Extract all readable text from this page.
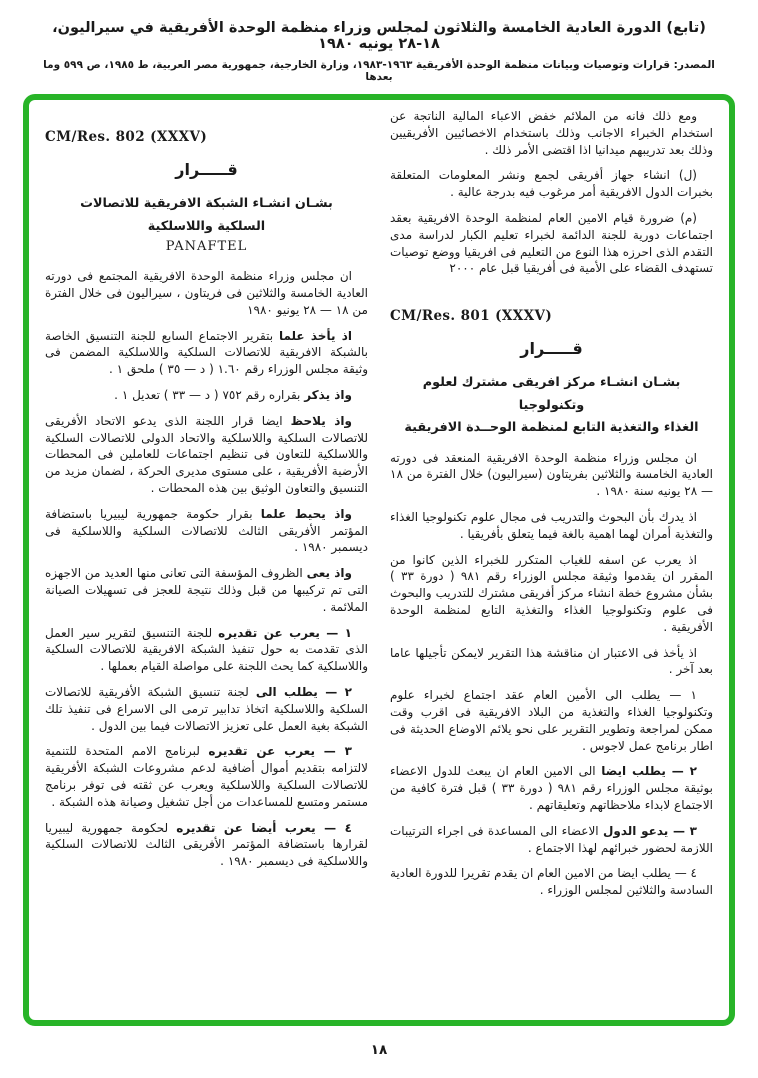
(تابع) الدورة العادية الخامسة والثلاثون لمجلس وزراء منظمة الوحدة الأفريقية في سيراليون، ١٨-٢٨ يونيه ١٩٨٠
المصدر: قرارات وتوصيات وبيانات منظمة الوحدة الأفريقية ١٩٦٣-١٩٨٣، وزارة الخارجية، جمهورية مصر العربية، ط ١٩٨٥، ص ٥٩٩ وما بعدها
CM/Res. 802 (XXXV)
قـــــرار
بشـان انشـاء الشبكة الافريقية للاتصالات
السلكية واللاسلكية
PANAFTEL

ان مجلس وزراء منظمة الوحدة الافريقية المجتمع فى دورته العادية الخامسة والثلاثين فى فريتاون ، سيراليون فى خلال الفترة من ١٨ — ٢٨ يونيو ١٩٨٠

اذ يأخذ علما بتقرير الاجتماع السابع للجنة التنسيق الخاصة بالشبكة الافريقية للاتصالات السلكية واللاسلكية المضمن فى وثيقة مجلس الوزراء رقم ١.٦٠ ( د — ٣٥ ) ملحق ١ .

واذ يذكر بقراره رقم ٧٥٢ ( د — ٣٣ ) تعديل ١ .

واذ يلاحظ ايضا قرار اللجنة الذى يدعو الاتحاد الأفريقى للاتصالات السلكية واللاسلكية والاتحاد الدولى للاتصالات السلكية واللاسلكية للتعاون فى تنظيم اجتماعات للعاملين فى المحطات الأرضية الأفريقية ، على مستوى مديرى الحركة ، لضمان مزيد من التنسيق والتعاون الوثيق بين هذه المحطات .

واذ يحيط علما بقرار حكومة جمهورية ليبيريا باستضافة المؤتمر الأفريقى الثالث للاتصالات السلكية واللاسلكية فى ديسمبر ١٩٨٠ .

واذ يعى الظروف المؤسفة التى تعانى منها العديد من الاجهزه التى تم تركيبها من قبل وذلك نتيجة للعجز فى تسهيلات الصيانة الملائمة .

١ — يعرب عن تقديره للجنة التنسيق لتقرير سير العمل الذى تقدمت به حول تنفيذ الشبكة الافريقية للاتصالات السلكية واللاسلكية كما يحث اللجنة على مواصلة القيام بعملها .

٢ — يطلب الى لجنة تنسيق الشبكة الأفريقية للاتصالات السلكية واللاسلكية اتخاذ تدابير ترمى الى الاسراع فى تنفيذ تلك الشبكة بغية العمل على تعزيز الاتصالات فيما بين الدول .

٣ — يعرب عن تقديره لبرنامج الامم المتحدة للتنمية لالتزامه بتقديم أموال أضافية لدعم مشروعات الشبكة الأفريقية للاتصالات السلكية واللاسلكية ويعرب عن ثقته فى توفر برنامج مستمر ومتسع للمساعدات من أجل تشغيل وصيانة هذه الشبكة .

٤ — يعرب أيضا عن تقديره لحكومة جمهورية ليبيريا لقرارها باستضافة المؤتمر الأفريقى الثالث للاتصالات السلكية واللاسلكية فى ديسمبر ١٩٨٠ .

ومع ذلك فانه من الملائم خفض الاعباء المالية الناتجة عن استخدام الخبراء الاجانب وذلك باستخدام الاخصائيين الأفريقيين وذلك بعد تدريبهم ميدانيا اذا اقتضى الأمر ذلك .

(ل) انشاء جهاز أفريقى لجمع ونشر المعلومات المتعلقة بخبرات الدول الافريقية أمر مرغوب فيه بدرجة عالية .

(م) ضرورة قيام الامين العام لمنظمة الوحدة الافريقية بعقد اجتماعات دورية للجنة الدائمة لخبراء تعليم الكبار لدراسة مدى التقدم الذى احرزه هذا النوع من التعليم فى افريقيا ووضع توصيات تستهدف القضاء على الأمية فى أفريقيا قبل عام ٢٠٠٠

CM/Res. 801 (XXXV)
قـــــرار
بشـان انشـاء مركز افريقى مشترك لعلوم وتكنولوجيا
الغذاء والتغذية التابع لمنظمة الوحــدة الافريقية

ان مجلس وزراء منظمة الوحدة الافريقية المنعقد فى دورته العادية الخامسة والثلاثين بفريتاون (سيراليون) خلال الفترة من ١٨ — ٢٨ يونيه سنة ١٩٨٠ .

اذ يدرك بأن البحوث والتدريب فى مجال علوم تكنولوجيا الغذاء والتغذية أمران لهما اهمية بالغة فيما يتعلق بأفريقيا .

اذ يعرب عن اسفه للغياب المتكرر للخبراء الذين كانوا من المقرر ان يقدموا وثيقة مجلس الوزراء رقم ٩٨١ ( دورة ٣٣ ) بشأن مشروع خطة انشاء مركز أفريقى مشترك للتدريب والبحوث فى علوم وتكنولوجيا الغذاء والتغذية التابع لمنظمة الوحدة الأفريقية .

اذ يأخذ فى الاعتبار ان مناقشة هذا التقرير لايمكن تأجيلها عاما بعد آخر .

١ — يطلب الى الأمين العام عقد اجتماع لخبراء علوم وتكنولوجيا الغذاء والتغذية من البلاد الافريقية فى اقرب وقت ممكن لمراجعة وتطوير التقرير على نحو يلائم الاوضاع الحديثة فى اطار برنامج عمل لاجوس .

٢ — يطلب ايضا الى الامين العام ان يبعث للدول الاعضاء بوثيقة مجلس الوزراء رقم ٩٨١ ( دورة ٣٣ ) قبل فترة كافية من الاجتماع لابداء ملاحظاتهم وتعليقاتهم .

٣ — يدعو الدول الاعضاء الى المساعدة فى اجراء الترتيبات اللازمة لحضور خبرائهم لهذا الاجتماع .

٤ — يطلب ايضا من الامين العام ان يقدم تقريرا للدورة العادية السادسة والثلاثين لمجلس الوزراء .

١٨
